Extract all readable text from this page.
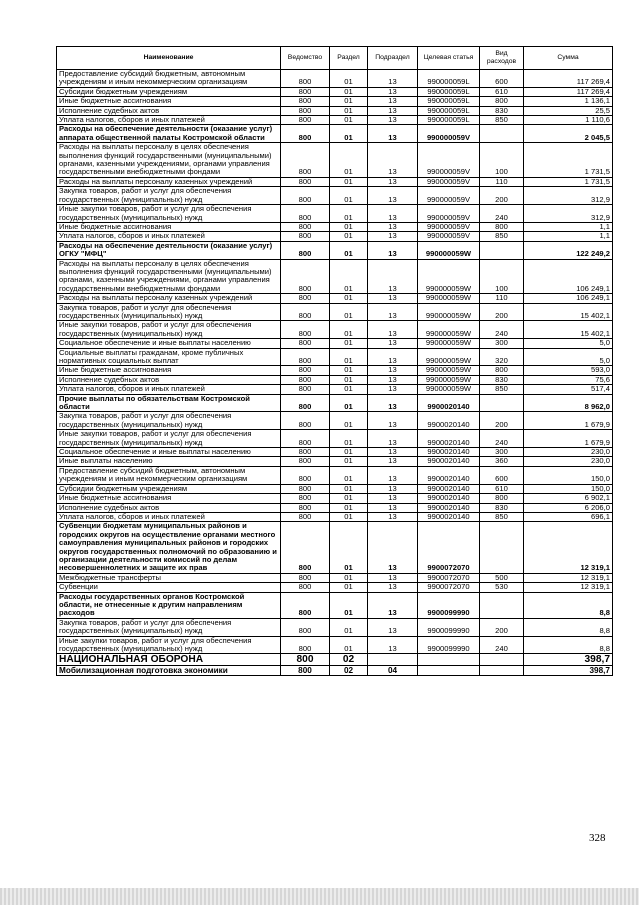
Наименование	Ведомство	Раздел	Подраздел	Целевая статья	Вид расходов	Сумма
Предоставление субсидий бюджетным, автономным учреждениям и иным некоммерческим организациям	800	01	13	990000059L	600	117 269,4
Субсидии бюджетным учреждениям	800	01	13	990000059L	610	117 269,4
Иные бюджетные ассигнования	800	01	13	990000059L	800	1 136,1
Исполнение судебных актов	800	01	13	990000059L	830	25,5
Уплата налогов, сборов и иных платежей	800	01	13	990000059L	850	1 110,6
Расходы на обеспечение деятельности (оказание услуг) аппарата общественной палаты Костромской области	800	01	13	990000059V		2 045,5
Расходы на выплаты персоналу в целях обеспечения выполнения функций государственными (муниципальными) органами, казенными учреждениями, органами управления государственными внебюджетными фондами	800	01	13	990000059V	100	1 731,5
Расходы на выплаты персоналу казенных учреждений	800	01	13	990000059V	110	1 731,5
Закупка товаров, работ и услуг для обеспечения государственных (муниципальных) нужд	800	01	13	990000059V	200	312,9
Иные закупки товаров, работ и услуг для обеспечения государственных (муниципальных) нужд	800	01	13	990000059V	240	312,9
Иные бюджетные ассигнования	800	01	13	990000059V	800	1,1
Уплата налогов, сборов и иных платежей	800	01	13	990000059V	850	1,1
Расходы на обеспечение деятельности (оказание услуг) ОГКУ "МФЦ"	800	01	13	990000059W		122 249,2
Расходы на выплаты персоналу в целях обеспечения выполнения функций государственными (муниципальными) органами, казенными учреждениями, органами управления государственными внебюджетными фондами	800	01	13	990000059W	100	106 249,1
Расходы на выплаты персоналу казенных учреждений	800	01	13	990000059W	110	106 249,1
Закупка товаров, работ и услуг для обеспечения государственных (муниципальных) нужд	800	01	13	990000059W	200	15 402,1
Иные закупки товаров, работ и услуг для обеспечения государственных (муниципальных) нужд	800	01	13	990000059W	240	15 402,1
Социальное обеспечение и иные выплаты населению	800	01	13	990000059W	300	5,0
Социальные выплаты гражданам, кроме публичных нормативных социальных выплат	800	01	13	990000059W	320	5,0
Иные бюджетные ассигнования	800	01	13	990000059W	800	593,0
Исполнение судебных актов	800	01	13	990000059W	830	75,6
Уплата налогов, сборов и иных платежей	800	01	13	990000059W	850	517,4
Прочие выплаты по обязательствам Костромской области	800	01	13	9900020140		8 962,0
Закупка товаров, работ и услуг для обеспечения государственных (муниципальных) нужд	800	01	13	9900020140	200	1 679,9
Иные закупки товаров, работ и услуг для обеспечения государственных (муниципальных) нужд	800	01	13	9900020140	240	1 679,9
Социальное обеспечение и иные выплаты населению	800	01	13	9900020140	300	230,0
Иные выплаты населению	800	01	13	9900020140	360	230,0
Предоставление субсидий бюджетным, автономным учреждениям и иным некоммерческим организациям	800	01	13	9900020140	600	150,0
Субсидии бюджетным учреждениям	800	01	13	9900020140	610	150,0
Иные бюджетные ассигнования	800	01	13	9900020140	800	6 902,1
Исполнение судебных актов	800	01	13	9900020140	830	6 206,0
Уплата налогов, сборов и иных платежей	800	01	13	9900020140	850	696,1
Субвенции бюджетам муниципальных районов и городских округов на осуществление органами местного самоуправления муниципальных районов и городских округов государственных полномочий по образованию и организации деятельности комиссий по делам несовершеннолетних и защите их прав	800	01	13	9900072070		12 319,1
Межбюджетные трансферты	800	01	13	9900072070	500	12 319,1
Субвенции	800	01	13	9900072070	530	12 319,1
Расходы государственных органов Костромской области, не отнесенные к другим направлениям расходов	800	01	13	9900099990		8,8
Закупка товаров, работ и услуг для обеспечения государственных (муниципальных) нужд	800	01	13	9900099990	200	8,8
Иные закупки товаров, работ и услуг для обеспечения государственных (муниципальных) нужд	800	01	13	9900099990	240	8,8
НАЦИОНАЛЬНАЯ ОБОРОНА	800	02				398,7
Мобилизационная подготовка экономики	800	02	04			398,7
328
